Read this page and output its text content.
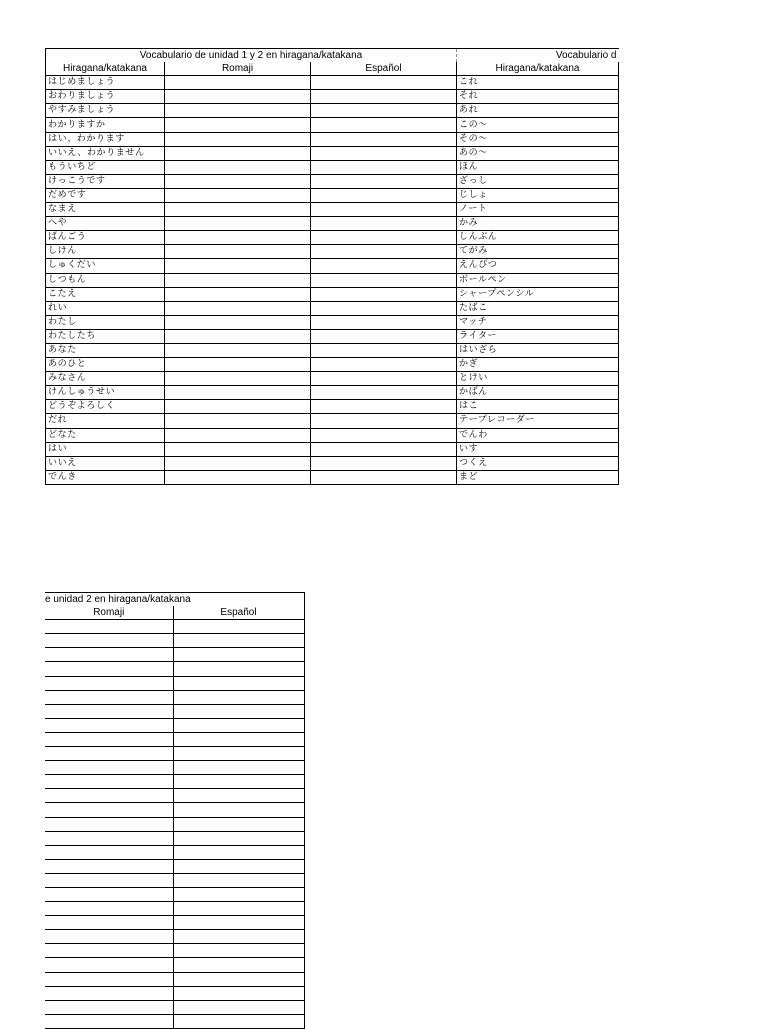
Vocabulario de unidad 1 y 2 en hiragana/katakana			Vocabulario d
Hiragana/katakana	Romaji	Español	Hiragana/katakana
はじめましょう			これ
おわりましょう			それ
やすみましょう			あれ
わかりますか			この～
はい、わかります			その～
いいえ、わかりません			あの～
もういちど			ほん
けっこうです			ざっし
だめです			じしょ
なまえ			ノート
へや			かみ
ばんごう			しんぶん
しけん			てがみ
しゅくだい			えんぴつ
しつもん			ボールペン
こたえ			シャープペンシル
れい			たばこ
わたし			マッチ
わたしたち			ライター
あなた			はいざら
あのひと			かぎ
みなさん			とけい
けんしゅうせい			かばん
どうぞよろしく			はこ
だれ			テープレコーダー
どなた			でんわ
はい			いす
いいえ			つくえ
でんき			まど
e unidad 2 en hiragana/katakana	
Romaji	Español
